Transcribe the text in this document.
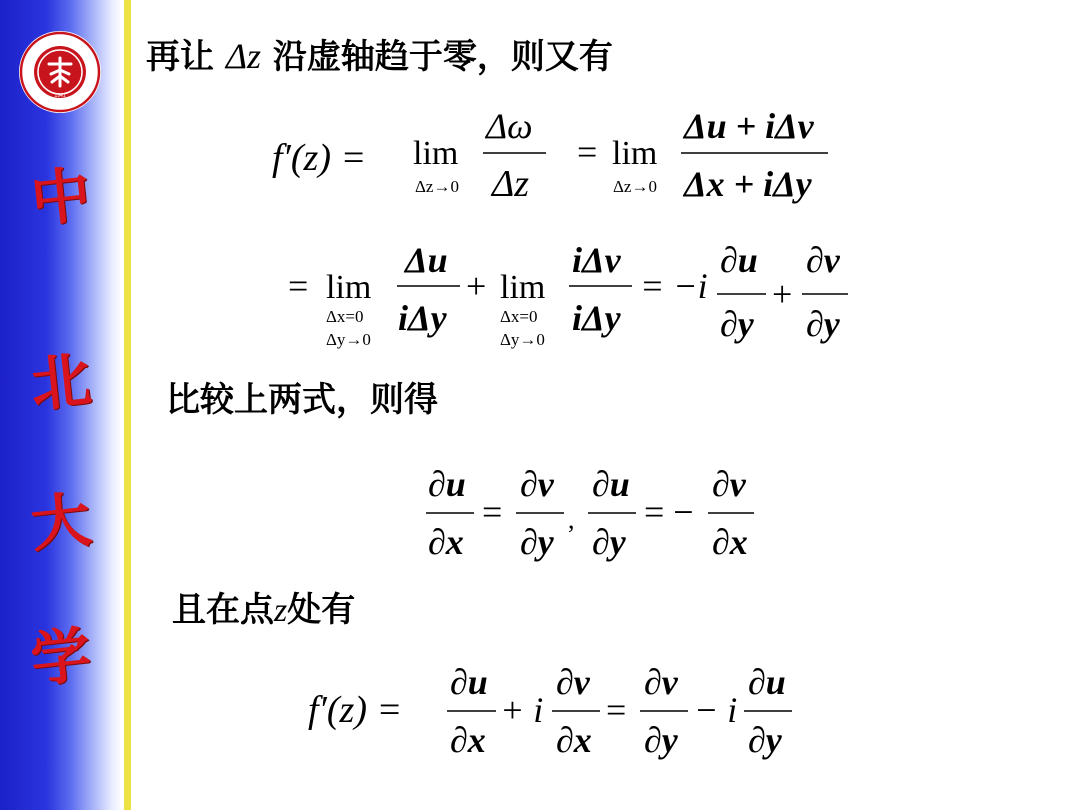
1941
中
北
大
学
再让 Δz 沿虚轴趋于零，则又有
比较上两式，则得
且在点z处有
f′(z) = lim
Δz→0
Δω
Δz
= lim
Δz→0
Δu + iΔv
Δx + iΔy
= lim
Δx=0
Δy→0
Δu
iΔy
+ lim
Δx=0
Δy→0
iΔv
iΔy
= −i
∂u
∂y
+
∂v
∂y
∂u
∂x
=
∂v
∂y
,
∂u
∂y
= −
∂v
∂x
f′(z) =
∂u
∂x
+ i
∂v
∂x
=
∂v
∂y
− i
∂u
∂y
